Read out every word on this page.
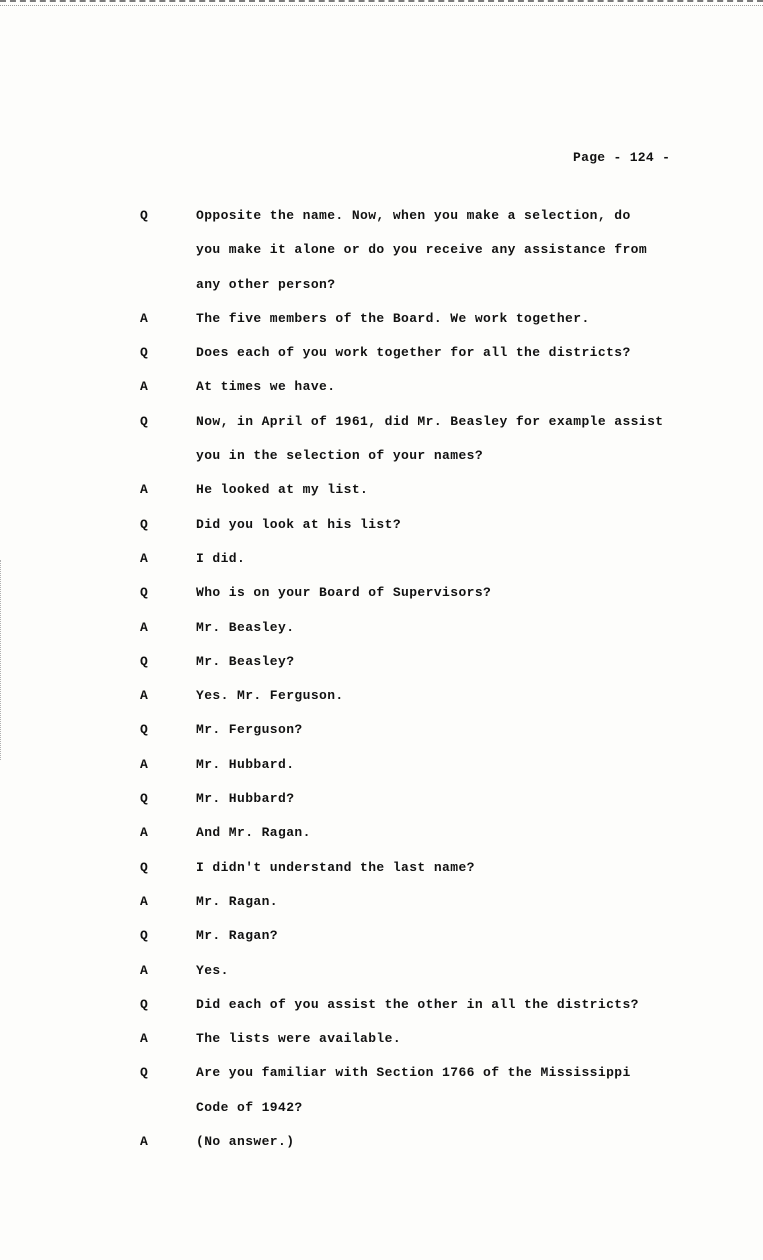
Page - 124 -
Q	Opposite the name. Now, when you make a selection, do
you make it alone or do you receive any assistance from
any other person?
A	The five members of the Board. We work together.
Q	Does each of you work together for all the districts?
A	At times we have.
Q	Now, in April of 1961, did Mr. Beasley for example assist
you in the selection of your names?
A	He looked at my list.
Q	Did you look at his list?
A	I did.
Q	Who is on your Board of Supervisors?
A	Mr. Beasley.
Q	Mr. Beasley?
A	Yes. Mr. Ferguson.
Q	Mr. Ferguson?
A	Mr. Hubbard.
Q	Mr. Hubbard?
A	And Mr. Ragan.
Q	I didn't understand the last name?
A	Mr. Ragan.
Q	Mr. Ragan?
A	Yes.
Q	Did each of you assist the other in all the districts?
A	The lists were available.
Q	Are you familiar with Section 1766 of the Mississippi
Code of 1942?
A	(No answer.)
